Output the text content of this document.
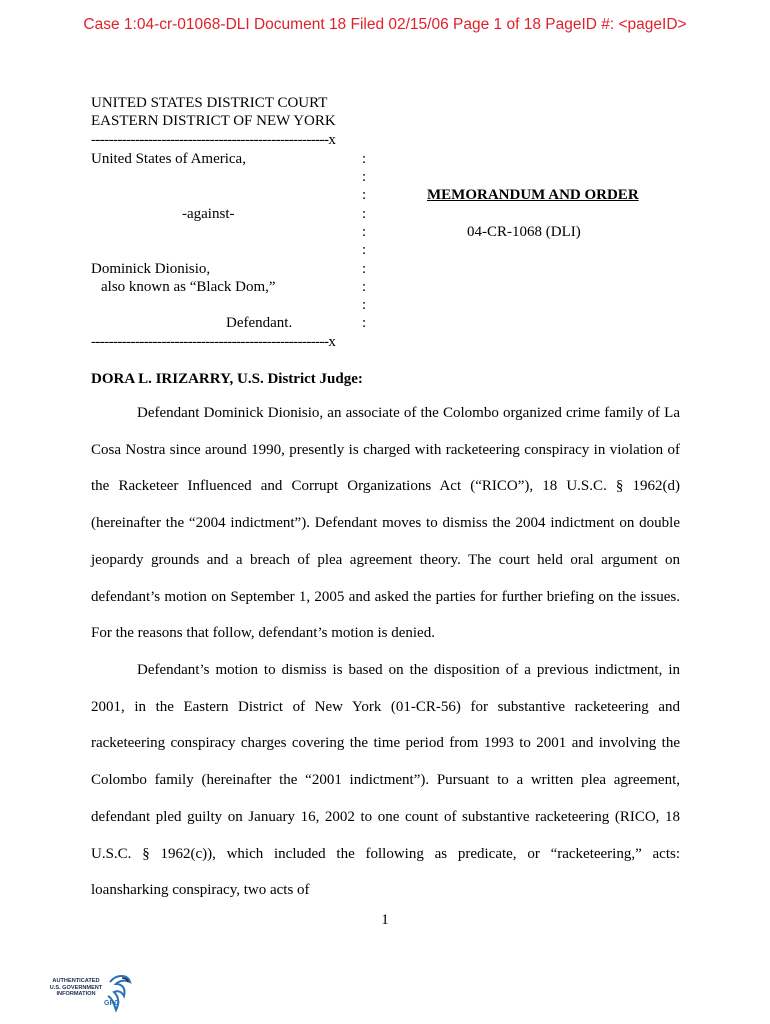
Case 1:04-cr-01068-DLI Document 18 Filed 02/15/06 Page 1 of 18 PageID #: <pageID>
UNITED STATES DISTRICT COURT
EASTERN DISTRICT OF NEW YORK
------------------------------------------------------x
United States of America,
-against-
Dominick Dionisio,
also known as “Black Dom,”
Defendant.
:
:
:
:
:
:
:
:
:
:
------------------------------------------------------x
MEMORANDUM AND ORDER
04-CR-1068 (DLI)
DORA L. IRIZARRY, U.S. District Judge:

Defendant Dominick Dionisio, an associate of the Colombo organized crime family of La Cosa Nostra since around 1990, presently is charged with racketeering conspiracy in violation of the Racketeer Influenced and Corrupt Organizations Act (“RICO”), 18 U.S.C. § 1962(d) (hereinafter the “2004 indictment”). Defendant moves to dismiss the 2004 indictment on double jeopardy grounds and a breach of plea agreement theory. The court held oral argument on defendant’s motion on September 1, 2005 and asked the parties for further briefing on the issues. For the reasons that follow, defendant’s motion is denied.

Defendant’s motion to dismiss is based on the disposition of a previous indictment, in 2001, in the Eastern District of New York (01-CR-56) for substantive racketeering and racketeering conspiracy charges covering the time period from 1993 to 2001 and involving the Colombo family (hereinafter the “2001 indictment”). Pursuant to a written plea agreement, defendant pled guilty on January 16, 2002 to one count of substantive racketeering (RICO, 18 U.S.C. § 1962(c)), which included the following as predicate, or “racketeering,” acts: loansharking conspiracy, two acts of

1
AUTHENTICATED
U.S. GOVERNMENT
INFORMATION
GPO
